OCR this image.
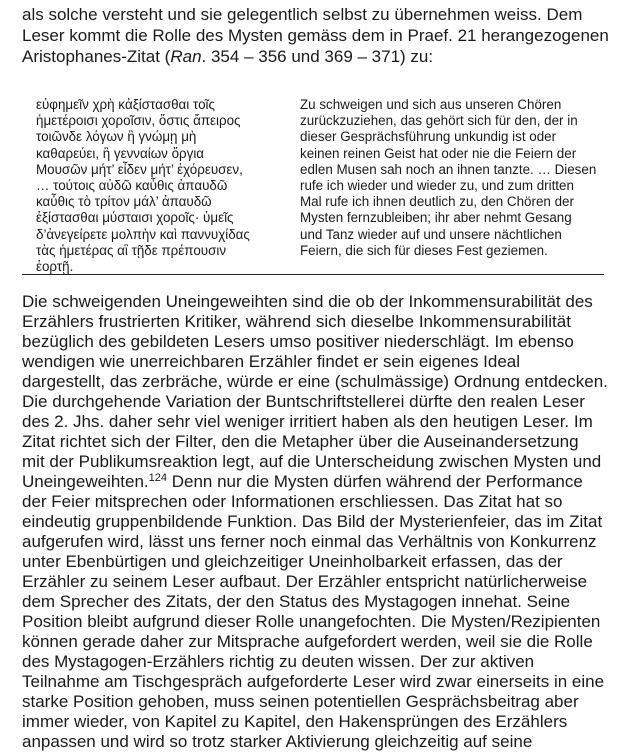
als solche versteht und sie gelegentlich selbst zu übernehmen weiss. Dem
Leser kommt die Rolle des Mysten gemäss dem in Praef. 21 herangezogenen
Aristophanes-Zitat (Ran. 354 – 356 und 369 – 371) zu:
εὐφημεῖν χρὴ κἀξίστασθαι τοῖς
ἡμετέροισι χοροῖσιν, ὅστις ἄπειρος
τοιῶνδε λόγων ἢ γνώμῃ μὴ
καθαρεύει, ἢ γενναίων ὄργια
Μουσῶν μήτ’ εἶδεν μήτ’ ἐχόρευσεν,
… τούτοις αὐδῶ καὖθις ἀπαυδῶ
καὖθις τὸ τρίτον μάλ’ ἀπαυδῶ
ἐξίστασθαι μύσταισι χοροῖς· ὑμεῖς
δ’ἀνεγείρετε μολπὴν καὶ παννυχίδας
τὰς ἡμετέρας αἳ τῇδε πρέπουσιν
ἑορτῇ.
Zu schweigen und sich aus unseren Chören
zurückzuziehen, das gehört sich für den, der in
dieser Gesprächsführung unkundig ist oder
keinen reinen Geist hat oder nie die Feiern der
edlen Musen sah noch an ihnen tanzte. … Diesen
rufe ich wieder und wieder zu, und zum dritten
Mal rufe ich ihnen deutlich zu, den Chören der
Mysten fernzubleiben; ihr aber nehmt Gesang
und Tanz wieder auf und unsere nächtlichen
Feiern, die sich für dieses Fest geziemen.
Die schweigenden Uneingeweihten sind die ob der Inkommensurabilität des
Erzählers frustrierten Kritiker, während sich dieselbe Inkommensurabilität
bezüglich des gebildeten Lesers umso positiver niederschlägt. Im ebenso
wendigen wie unerreichbaren Erzähler findet er sein eigenes Ideal
dargestellt, das zerbräche, würde er eine (schulmässige) Ordnung entdecken.
Die durchgehende Variation der Buntschriftstellerei dürfte den realen Leser
des 2. Jhs. daher sehr viel weniger irritiert haben als den heutigen Leser. Im
Zitat richtet sich der Filter, den die Metapher über die Auseinandersetzung
mit der Publikumsreaktion legt, auf die Unterscheidung zwischen Mysten und
Uneingeweihten.$^{124}$ Denn nur die Mysten dürfen während der Performance
der Feier mitsprechen oder Informationen erschliessen. Das Zitat hat so
eindeutig gruppenbildende Funktion. Das Bild der Mysterienfeier, das im Zitat
aufgerufen wird, lässt uns ferner noch einmal das Verhältnis von Konkurrenz
unter Ebenbürtigen und gleichzeitiger Uneinholbarkeit erfassen, das der
Erzähler zu seinem Leser aufbaut. Der Erzähler entspricht natürlicherweise
dem Sprecher des Zitats, der den Status des Mystagogen innehat. Seine
Position bleibt aufgrund dieser Rolle unangefochten. Die Mysten/Rezipienten
können gerade daher zur Mitsprache aufgefordert werden, weil sie die Rolle
des Mystagogen-Erzählers richtig zu deuten wissen. Der zur aktiven
Teilnahme am Tischgespräch aufgeforderte Leser wird zwar einerseits in eine
starke Position gehoben, muss seinen potentiellen Gesprächsbeitrag aber
immer wieder, von Kapitel zu Kapitel, den Hakensprüngen des Erzählers
anpassen und wird so trotz starker Aktivierung gleichzeitig auf seine
